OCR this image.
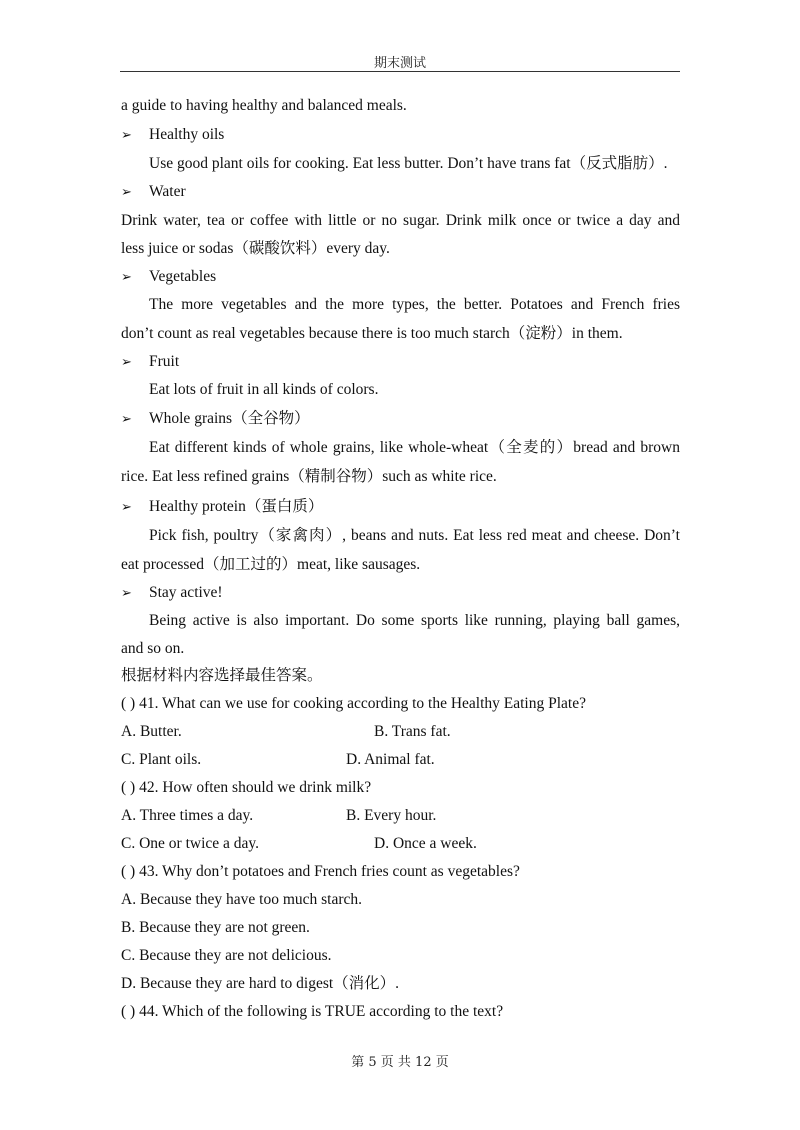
期末测试
a guide to having healthy and balanced meals.
➢ Healthy oils
Use good plant oils for cooking. Eat less butter. Don’t have trans fat（反式脂肪）.
➢ Water
Drink water, tea or coffee with little or no sugar. Drink milk once or twice a day and
less juice or sodas（碳酸饮料）every day.
➢ Vegetables
The more vegetables and the more types, the better. Potatoes and French fries
don’t count as real vegetables because there is too much starch（淀粉）in them.
➢ Fruit
Eat lots of fruit in all kinds of colors.
➢ Whole grains（全谷物）
Eat different kinds of whole grains, like whole-wheat（全麦的）bread and brown
rice. Eat less refined grains（精制谷物）such as white rice.
➢ Healthy protein（蛋白质）
Pick fish, poultry（家禽肉）, beans and nuts. Eat less red meat and cheese. Don’t
eat processed（加工过的）meat, like sausages.
➢ Stay active!
Being active is also important. Do some sports like running, playing ball games,
and so on.
根据材料内容选择最佳答案。
( ) 41. What can we use for cooking according to the Healthy Eating Plate?
A. Butter.	B. Trans fat.
C. Plant oils.	D. Animal fat.
( ) 42. How often should we drink milk?
A. Three times a day.	B. Every hour.
C. One or twice a day.	D. Once a week.
( ) 43. Why don’t potatoes and French fries count as vegetables?
A. Because they have too much starch.
B. Because they are not green.
C. Because they are not delicious.
D. Because they are hard to digest（消化）.
( ) 44. Which of the following is TRUE according to the text?
第 5 页 共 12 页
